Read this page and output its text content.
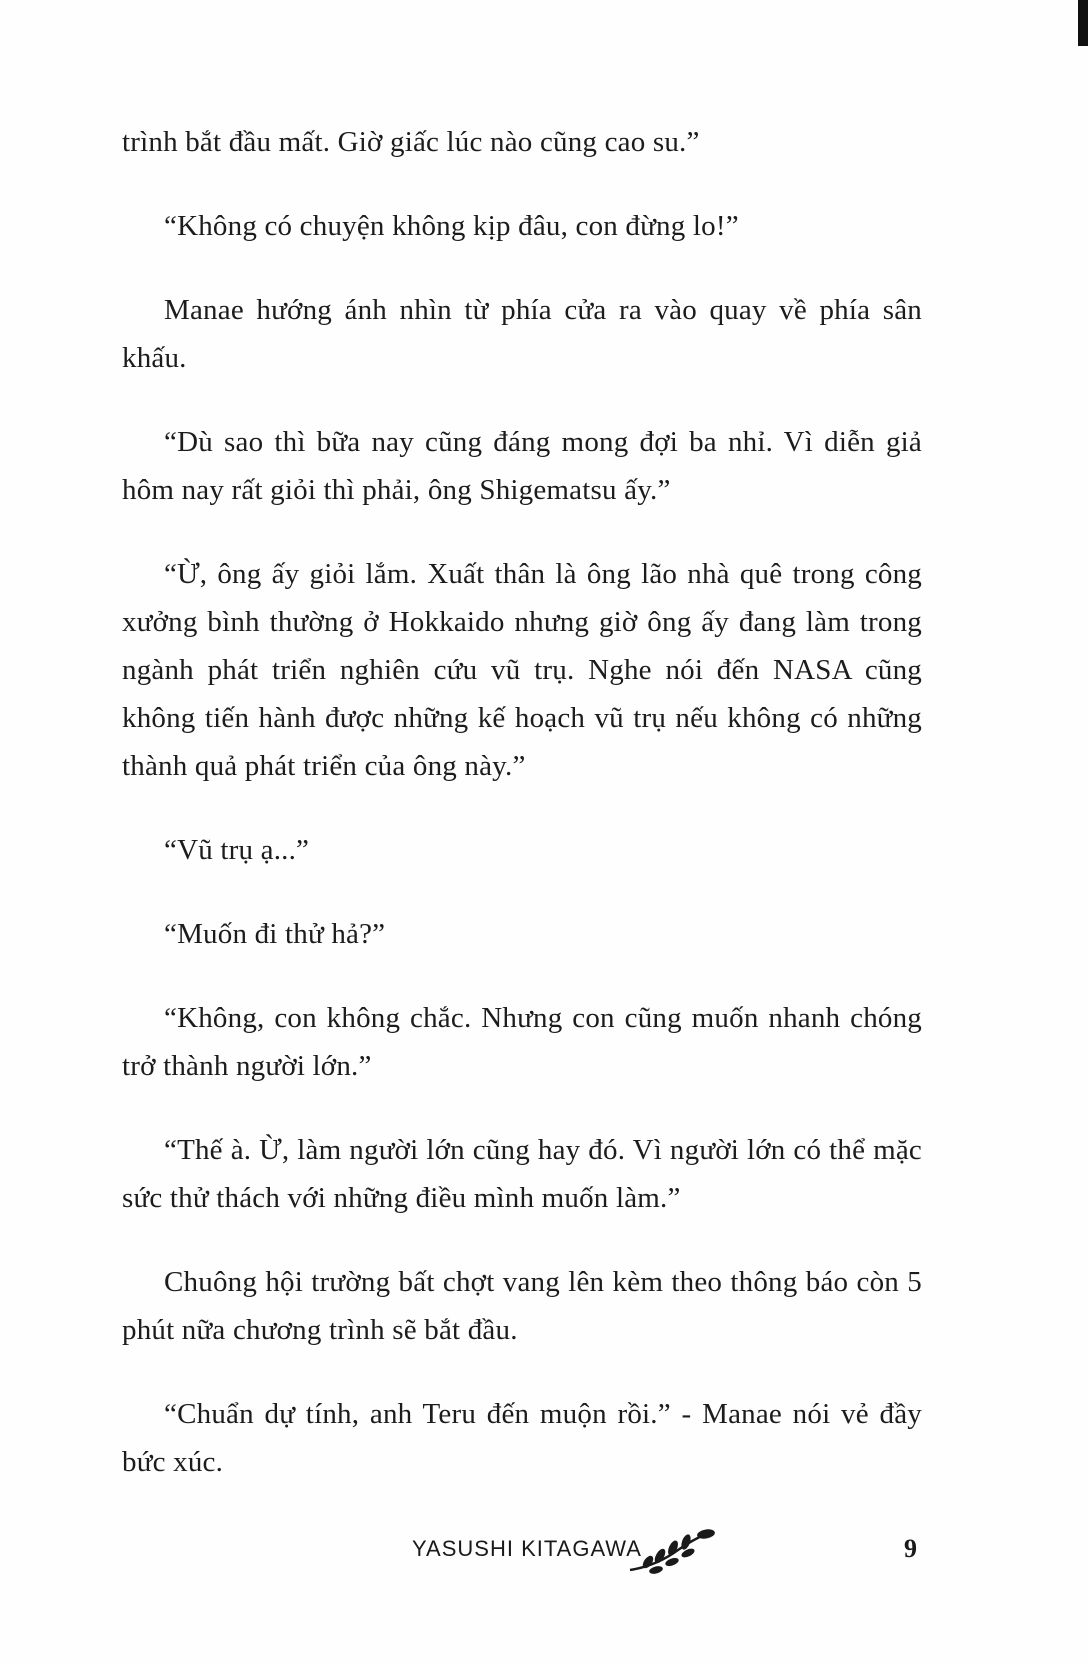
trình bắt đầu mất. Giờ giấc lúc nào cũng cao su.”

“Không có chuyện không kịp đâu, con đừng lo!”

Manae hướng ánh nhìn từ phía cửa ra vào quay về phía sân khấu.

“Dù sao thì bữa nay cũng đáng mong đợi ba nhỉ. Vì diễn giả hôm nay rất giỏi thì phải, ông Shigematsu ấy.”

“Ừ, ông ấy giỏi lắm. Xuất thân là ông lão nhà quê trong công xưởng bình thường ở Hokkaido nhưng giờ ông ấy đang làm trong ngành phát triển nghiên cứu vũ trụ. Nghe nói đến NASA cũng không tiến hành được những kế hoạch vũ trụ nếu không có những thành quả phát triển của ông này.”

“Vũ trụ ạ...”

“Muốn đi thử hả?”

“Không, con không chắc. Nhưng con cũng muốn nhanh chóng trở thành người lớn.”

“Thế à. Ừ, làm người lớn cũng hay đó. Vì người lớn có thể mặc sức thử thách với những điều mình muốn làm.”

Chuông hội trường bất chợt vang lên kèm theo thông báo còn 5 phút nữa chương trình sẽ bắt đầu.

“Chuẩn dự tính, anh Teru đến muộn rồi.” - Manae nói vẻ đầy bức xúc.

YASUSHI KITAGAWA	9
